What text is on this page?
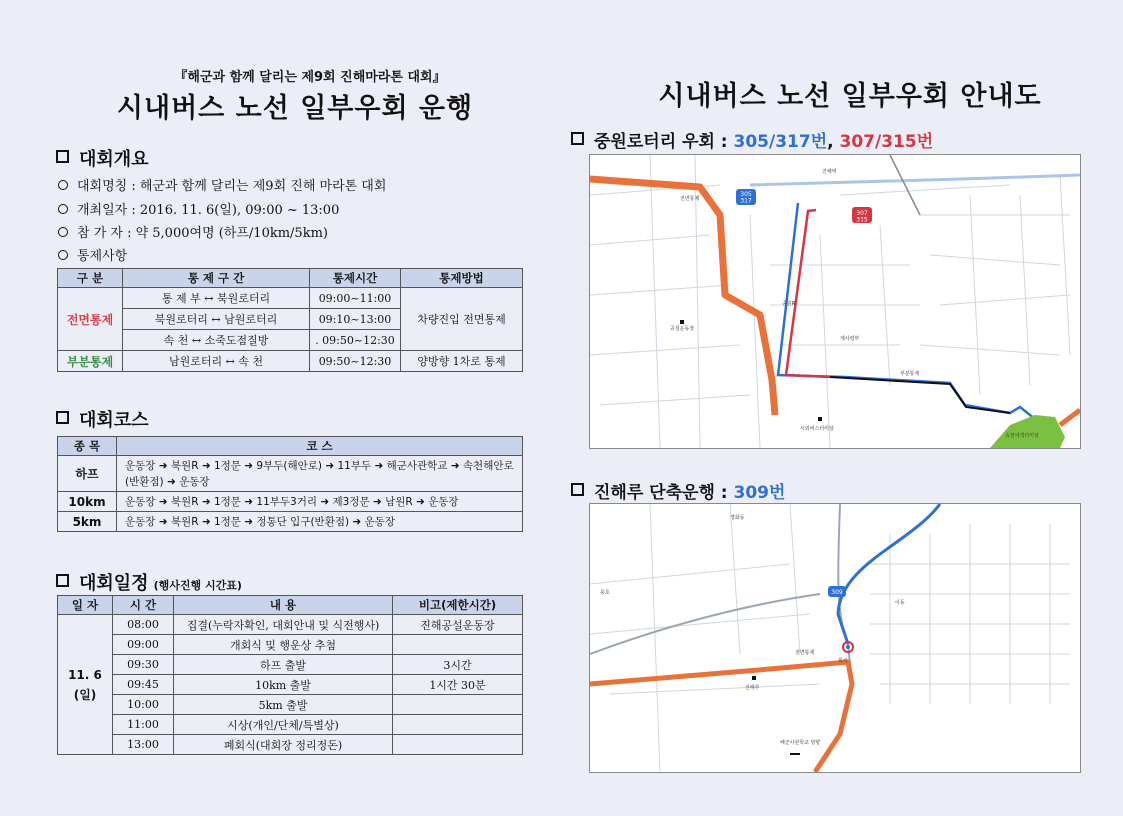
『해군과 함께 달리는 제9회 진해마라톤 대회』
시내버스 노선 일부우회 운행
대회개요
대회명칭 : 해군과 함께 달리는 제9회 진해 마라톤 대회
개최일자 : 2016. 11. 6(일), 09:00 ~ 13:00
참 가 자 : 약 5,000여명 (하프/10km/5km)
통제사항
구 분	통 제 구 간	통제시간	통제방법
전면통제	통 제 부 ↔ 북원로터리	09:00~11:00	차량진입 전면통제
	북원로터리 ↔ 남원로터리	09:10~13:00	
	속 천 ↔ 소죽도점질방	. 09:50~12:30	
부분통제	남원로터리 ↔ 속 천	09:50~12:30	양방향 1차로 통제
대회코스
종 목	코 스
하프	운동장 ➜ 북원R ➜ 1정문 ➜ 9부두(해안로) ➜ 11부두 ➜ 해군사관학교 ➜ 속천해안로(반환점) ➜ 운동장
10km	운동장 ➜ 북원R ➜ 1정문 ➜ 11부두3거리 ➜ 제3정문 ➜ 남원R ➜ 운동장
5km	운동장 ➜ 북원R ➜ 1정문 ➜ 정통단 입구(반환점) ➜ 운동장
대회일정 (행사진행 시간표)
일 자	시 간	내 용	비고(제한시간)
11. 6
(일)	08:00	집결(누락자확인, 대회안내 및 식전행사)	진해공설운동장
	09:00	개회식 및 행운상 추첨	
	09:30	하프 출발	3시간
	09:45	10km 출발	1시간 30분
	10:00	5km 출발	
	11:00	시상(개인/단체/특별상)	
	13:00	폐회식(대회장 정리정돈)	
시내버스 노선 일부우회 안내도
중원로터리 우회 : 305/317번, 307/315번
305 317
307 315
전면통제
부분통제
진해역
공설운동장
시외버스터미널
속천여객터미널
제사령부
중원R
진해루 단축운행 : 309번
309
전면통제
진해루
회차
경화동
이동
풍호
해군사관학교 방향
